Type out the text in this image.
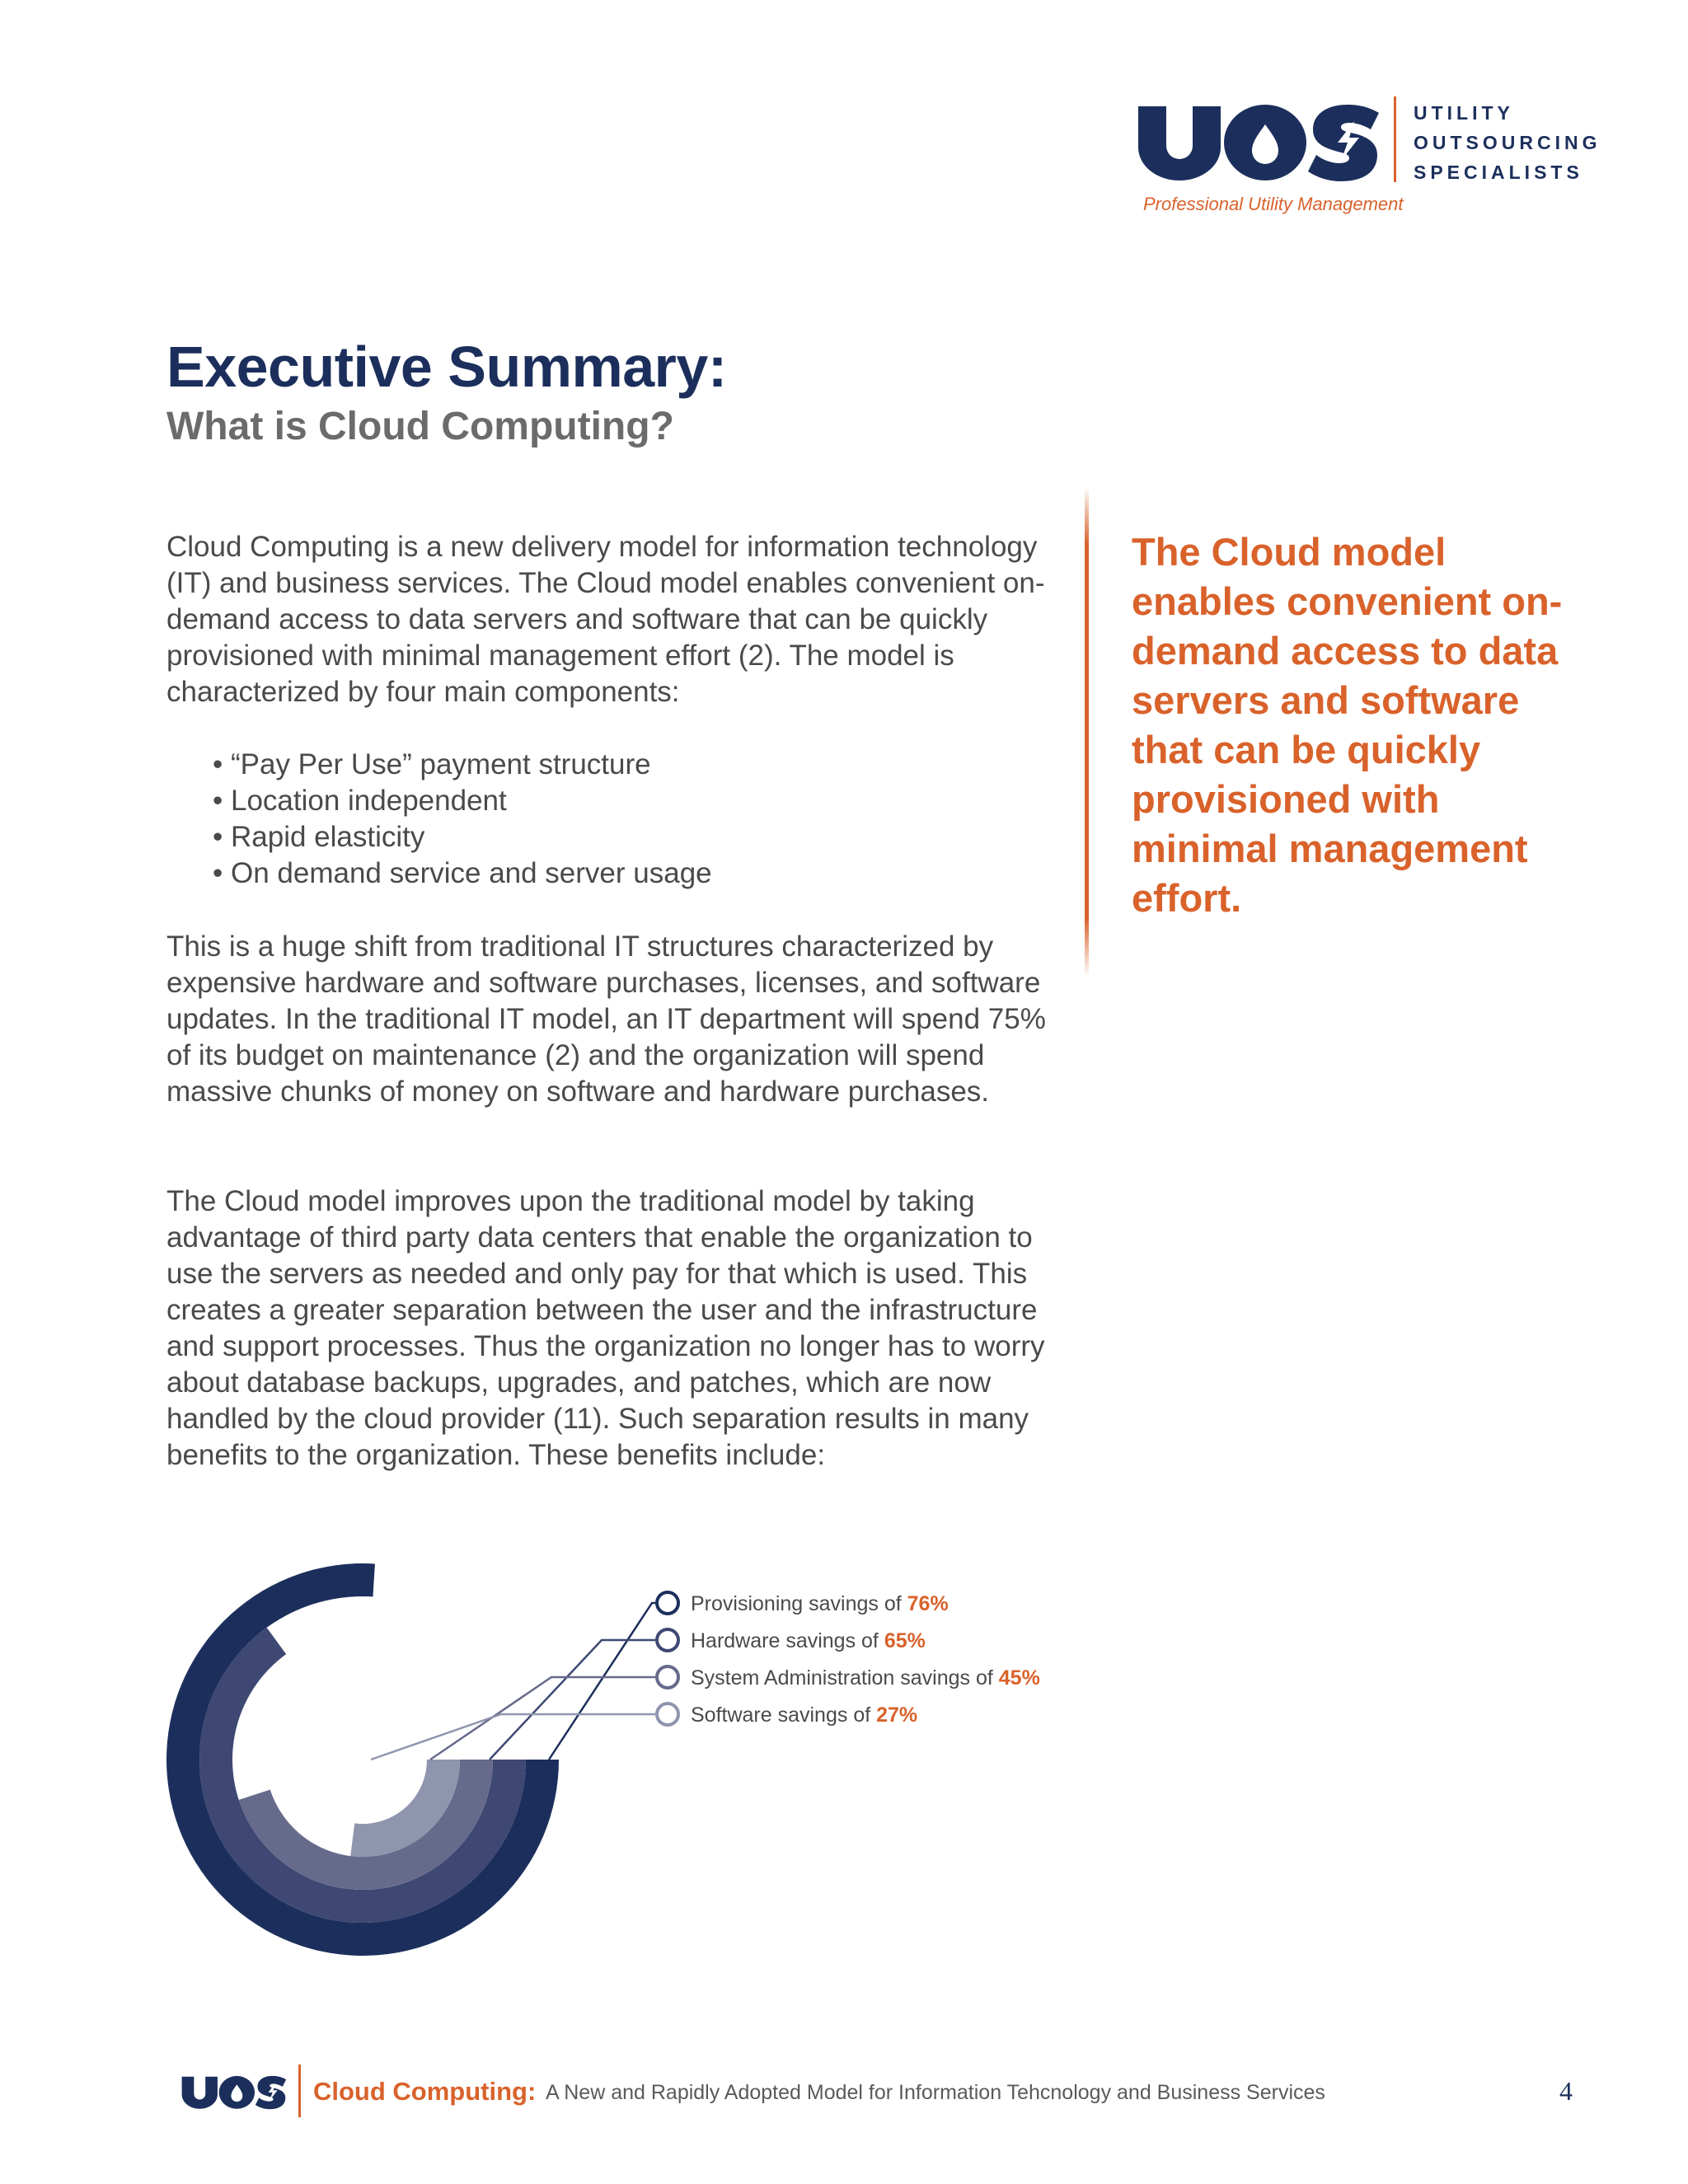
UTILITY
OUTSOURCING
SPECIALISTS
Professional Utility Management
Executive Summary:
What is Cloud Computing?

Cloud Computing is a new delivery model for information technology (IT) and business services. The Cloud model enables convenient on-demand access to data servers and software that can be quickly provisioned with minimal management effort (2). The model is characterized by four main components:

• “Pay Per Use” payment structure
• Location independent
• Rapid elasticity
• On demand service and server usage

This is a huge shift from traditional IT structures characterized by expensive hardware and software purchases, licenses, and software updates. In the traditional IT model, an IT department will spend 75% of its budget on maintenance (2) and the organization will spend massive chunks of money on software and hardware purchases.

The Cloud model improves upon the traditional model by taking advantage of third party data centers that enable the organization to use the servers as needed and only pay for that which is used. This creates a greater separation between the user and the infrastructure and support processes. Thus the organization no longer has to worry about database backups, upgrades, and patches, which are now handled by the cloud provider (11). Such separation results in many benefits to the organization. These benefits include:

The Cloud model enables convenient on-demand access to data servers and software that can be quickly provisioned with minimal management effort.

Provisioning savings of 76%
Hardware savings of 65%
System Administration savings of 45%
Software savings of 27%
Cloud Computing: A New and Rapidly Adopted Model for Information Tehcnology and Business Services	4
